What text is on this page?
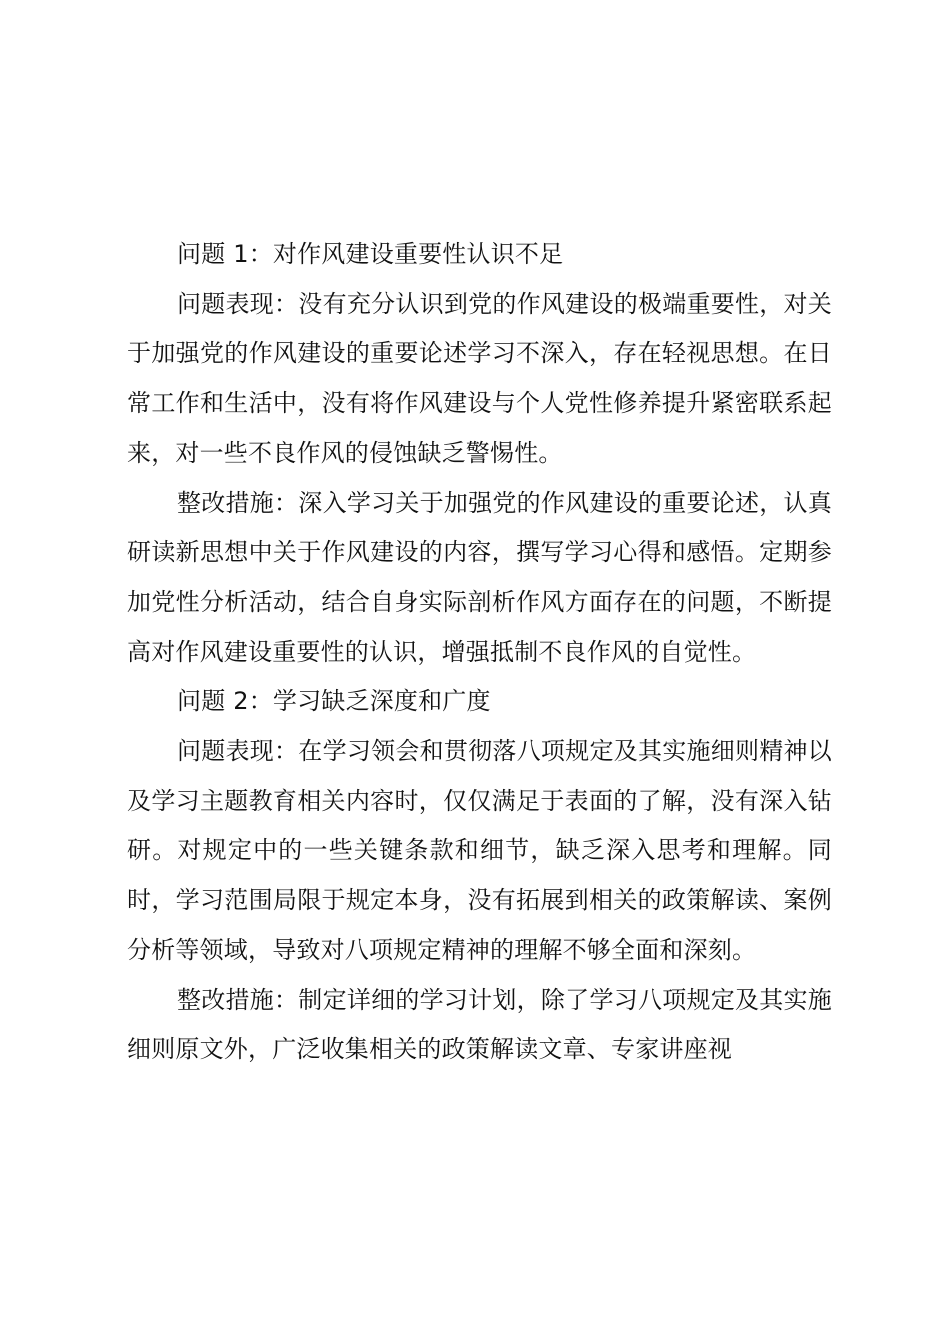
问题 1：对作风建设重要性认识不足

问题表现：没有充分认识到党的作风建设的极端重要性，对关于加强党的作风建设的重要论述学习不深入，存在轻视思想。在日常工作和生活中，没有将作风建设与个人党性修养提升紧密联系起来，对一些不良作风的侵蚀缺乏警惕性。

整改措施：深入学习关于加强党的作风建设的重要论述，认真研读新思想中关于作风建设的内容，撰写学习心得和感悟。定期参加党性分析活动，结合自身实际剖析作风方面存在的问题，不断提高对作风建设重要性的认识，增强抵制不良作风的自觉性。

问题 2：学习缺乏深度和广度

问题表现：在学习领会和贯彻落八项规定及其实施细则精神以及学习主题教育相关内容时，仅仅满足于表面的了解，没有深入钻研。对规定中的一些关键条款和细节，缺乏深入思考和理解。同时，学习范围局限于规定本身，没有拓展到相关的政策解读、案例分析等领域，导致对八项规定精神的理解不够全面和深刻。

整改措施：制定详细的学习计划，除了学习八项规定及其实施细则原文外，广泛收集相关的政策解读文章、专家讲座视
